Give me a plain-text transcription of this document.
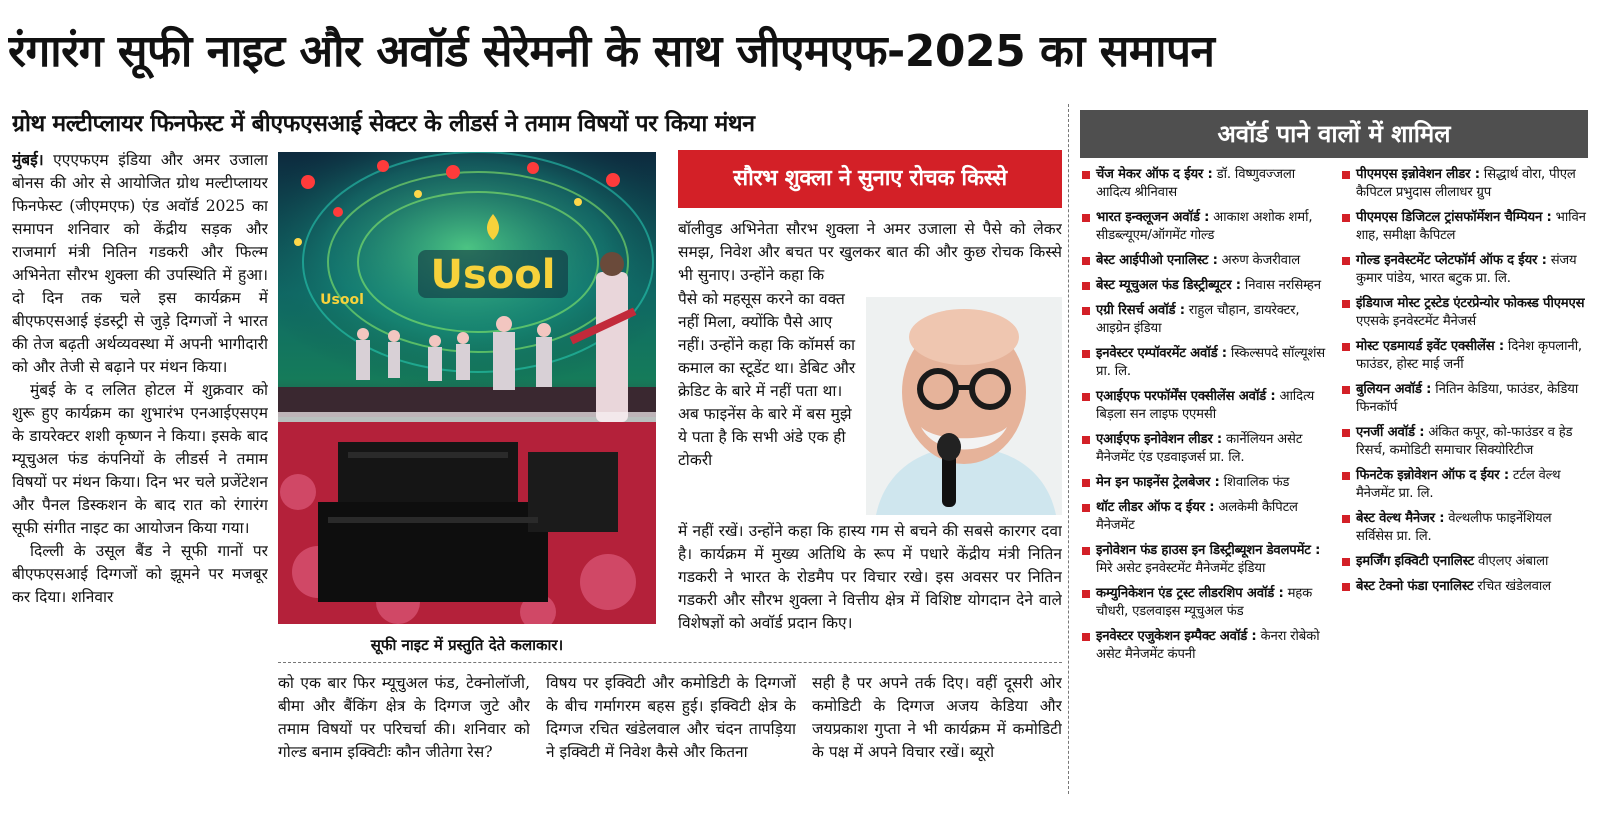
रंगारंग सूफी नाइट और अवॉर्ड सेरेमनी के साथ जीएमएफ-2025 का समापन
ग्रोथ मल्टीप्लायर फिनफेस्ट में बीएफएसआई सेक्टर के लीडर्स ने तमाम विषयों पर किया मंथन

मुंबई। एएएफएम इंडिया और अमर उजाला बोनस की ओर से आयोजित ग्रोथ मल्टीप्लायर फिनफेस्ट (जीएमएफ) एंड अवॉर्ड 2025 का समापन शनिवार को केंद्रीय सड़क और राजमार्ग मंत्री नितिन गडकरी और फिल्म अभिनेता सौरभ शुक्ला की उपस्थिति में हुआ। दो दिन तक चले इस कार्यक्रम में बीएफएसआई इंडस्ट्री से जुड़े दिग्गजों ने भारत की तेज बढ़ती अर्थव्यवस्था में अपनी भागीदारी को और तेजी से बढ़ाने पर मंथन किया।

मुंबई के द ललित होटल में शुक्रवार को शुरू हुए कार्यक्रम का शुभारंभ एनआईएसएम के डायरेक्टर शशी कृष्णन ने किया। इसके बाद म्यूचुअल फंड कंपनियों के लीडर्स ने तमाम विषयों पर मंथन किया। दिन भर चले प्रजेंटेशन और पैनल डिस्कशन के बाद रात को रंगारंग सूफी संगीत नाइट का आयोजन किया गया।

दिल्ली के उसूल बैंड ने सूफी गानों पर बीएफएसआई दिग्गजों को झूमने पर मजबूर कर दिया। शनिवार

Usool
Usool
सूफी नाइट में प्रस्तुति देते कलाकार।
सौरभ शुक्ला ने सुनाए रोचक किस्से

बॉलीवुड अभिनेता सौरभ शुक्ला ने अमर उजाला से पैसे को लेकर समझ, निवेश और बचत पर खुलकर बात की और कुछ रोचक किस्से भी सुनाए। उन्होंने कहा कि

पैसे को महसूस करने का वक्त नहीं मिला, क्योंकि पैसे आए नहीं। उन्होंने कहा कि कॉमर्स का कमाल का स्टूडेंट था। डेबिट और क्रेडिट के बारे में नहीं पता था। अब फाइनेंस के बारे में बस मुझे ये पता है कि सभी अंडे एक ही टोकरी

में नहीं रखें। उन्होंने कहा कि हास्य गम से बचने की सबसे कारगर दवा है। कार्यक्रम में मुख्य अतिथि के रूप में पधारे केंद्रीय मंत्री नितिन गडकरी ने भारत के रोडमैप पर विचार रखे। इस अवसर पर नितिन गडकरी और सौरभ शुक्ला ने वित्तीय क्षेत्र में विशिष्ट योगदान देने वाले विशेषज्ञों को अवॉर्ड प्रदान किए।

को एक बार फिर म्यूचुअल फंड, टेक्नोलॉजी, बीमा और बैंकिंग क्षेत्र के दिग्गज जुटे और तमाम विषयों पर परिचर्चा की। शनिवार को गोल्ड बनाम इक्विटीः कौन जीतेगा रेस?

विषय पर इक्विटी और कमोडिटी के दिग्गजों के बीच गर्मागरम बहस हुई। इक्विटी क्षेत्र के दिग्गज रचित खंडेलवाल और चंदन तापड़िया ने इक्विटी में निवेश कैसे और कितना

सही है पर अपने तर्क दिए। वहीं दूसरी ओर कमोडिटी के दिग्गज अजय केडिया और जयप्रकाश गुप्ता ने भी कार्यक्रम में कमोडिटी के पक्ष में अपने विचार रखें। ब्यूरो

अवॉर्ड पाने वालों में शामिल
चेंज मेकर ऑफ द ईयर : डॉ. विष्णुवज्जला आदित्य श्रीनिवास
भारत इन्क्लूजन अवॉर्ड : आकाश अशोक शर्मा, सीडब्ल्यूएम/ऑगमेंट गोल्ड
बेस्ट आईपीओ एनालिस्ट : अरुण केजरीवाल
बेस्ट म्यूचुअल फंड डिस्ट्रीब्यूटर : निवास नरसिम्हन
एग्री रिसर्च अवॉर्ड : राहुल चौहान, डायरेक्टर, आइग्रेन इंडिया
इनवेस्टर एम्पॉवरमेंट अवॉर्ड : स्किल्सपदे सॉल्यूशंस प्रा. लि.
एआईएफ परफॉर्मेंस एक्सीलेंस अवॉर्ड : आदित्य बिड़ला सन लाइफ एएमसी
एआईएफ इनोवेशन लीडर : कार्नेलियन असेट मैनेजमेंट एंड एडवाइजर्स प्रा. लि.
मेन इन फाइनेंस ट्रेलबेजर : शिवालिक फंड
थॉट लीडर ऑफ द ईयर : अलकेमी कैपिटल मैनेजमेंट
इनोवेशन फंड हाउस इन डिस्ट्रीब्यूशन डेवलपमेंट : मिरे असेट इनवेस्टमेंट मैनेजमेंट इंडिया
कम्युनिकेशन एंड ट्रस्ट लीडरशिप अवॉर्ड : महक चौधरी, एडलवाइस म्यूचुअल फंड
इनवेस्टर एजुकेशन इम्पैक्ट अवॉर्ड : केनरा रोबेको असेट मैनेजमेंट कंपनी
पीएमएस इन्नोवेशन लीडर : सिद्धार्थ वोरा, पीएल कैपिटल प्रभुदास लीलाधर ग्रुप
पीएमएस डिजिटल ट्रांसफॉर्मेशन चैम्पियन : भाविन शाह, समीक्षा कैपिटल
गोल्ड इनवेस्टमेंट प्लेटफॉर्म ऑफ द ईयर : संजय कुमार पांडेय, भारत बटुक प्रा. लि.
इंडियाज मोस्ट ट्रस्टेड एंटरप्रेन्योर फोकस्ड पीएमएस एएसके इनवेस्टमेंट मैनेजर्स
मोस्ट एडमायर्ड इवेंट एक्सीलेंस : दिनेश कृपलानी, फाउंडर, होस्ट माई जर्नी
बुलियन अवॉर्ड : नितिन केडिया, फाउंडर, केडिया फिनकॉर्प
एनर्जी अवॉर्ड : अंकित कपूर, को-फाउंडर व हेड रिसर्च, कमोडिटी समाचार सिक्योरिटीज
फिनटेक इन्नोवेशन ऑफ द ईयर : टर्टल वेल्थ मैनेजमेंट प्रा. लि.
बेस्ट वेल्थ मैनेजर : वेल्थलीफ फाइनेंशियल सर्विसेस प्रा. लि.
इमर्जिंग इक्विटी एनालिस्ट वीएलए अंबाला
बेस्ट टेक्नो फंडा एनालिस्ट रचित खंडेलवाल
